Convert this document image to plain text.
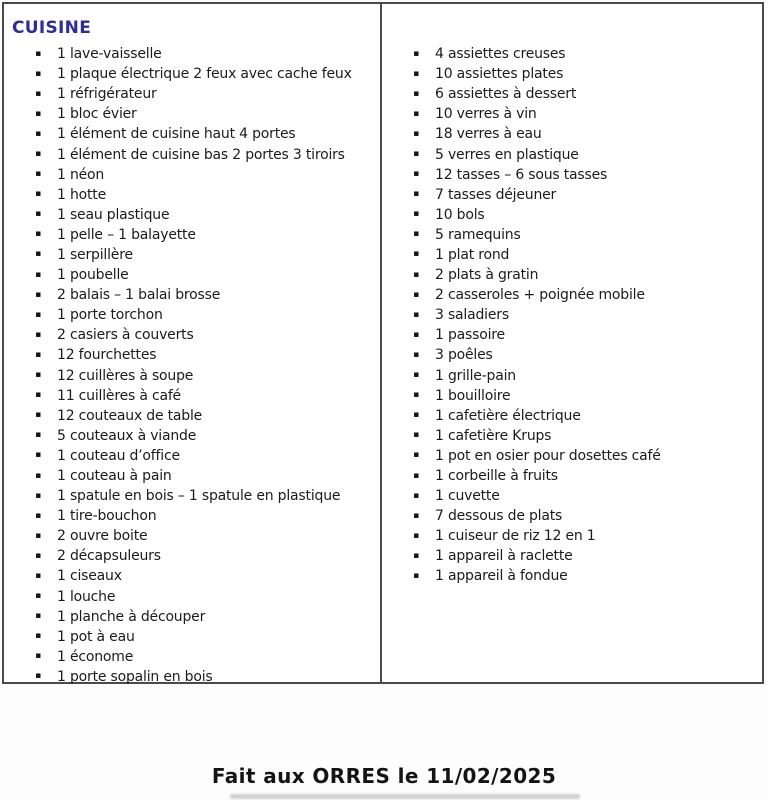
CUISINE
▪	1 lave-vaisselle
▪	1 plaque électrique 2 feux avec cache feux
▪	1 réfrigérateur
▪	1 bloc évier
▪	1 élément de cuisine haut 4 portes
▪	1 élément de cuisine bas 2 portes 3 tiroirs
▪	1 néon
▪	1 hotte
▪	1 seau plastique
▪	1 pelle – 1 balayette
▪	1 serpillère
▪	1 poubelle
▪	2 balais – 1 balai brosse
▪	1 porte torchon
▪	2 casiers à couverts
▪	12 fourchettes
▪	12 cuillères à soupe
▪	11 cuillères à café
▪	12 couteaux de table
▪	5 couteaux à viande
▪	1 couteau d’office
▪	1 couteau à pain
▪	1 spatule en bois – 1 spatule en plastique
▪	1 tire-bouchon
▪	2 ouvre boite
▪	2 décapsuleurs
▪	1 ciseaux
▪	1 louche
▪	1 planche à découper
▪	1 pot à eau
▪	1 économe
▪	1 porte sopalin en bois
▪	4 assiettes creuses
▪	10 assiettes plates
▪	6 assiettes à dessert
▪	10 verres à vin
▪	18 verres à eau
▪	5 verres en plastique
▪	12 tasses – 6 sous tasses
▪	7 tasses déjeuner
▪	10 bols
▪	5 ramequins
▪	1 plat rond
▪	2 plats à gratin
▪	2 casseroles + poignée mobile
▪	3 saladiers
▪	1 passoire
▪	3 poêles
▪	1 grille-pain
▪	1 bouilloire
▪	1 cafetière électrique
▪	1 cafetière Krups
▪	1 pot en osier pour dosettes café
▪	1 corbeille à fruits
▪	1 cuvette
▪	7 dessous de plats
▪	1 cuiseur de riz 12 en 1
▪	1 appareil à raclette
▪	1 appareil à fondue

Fait aux ORRES le 11/02/2025
